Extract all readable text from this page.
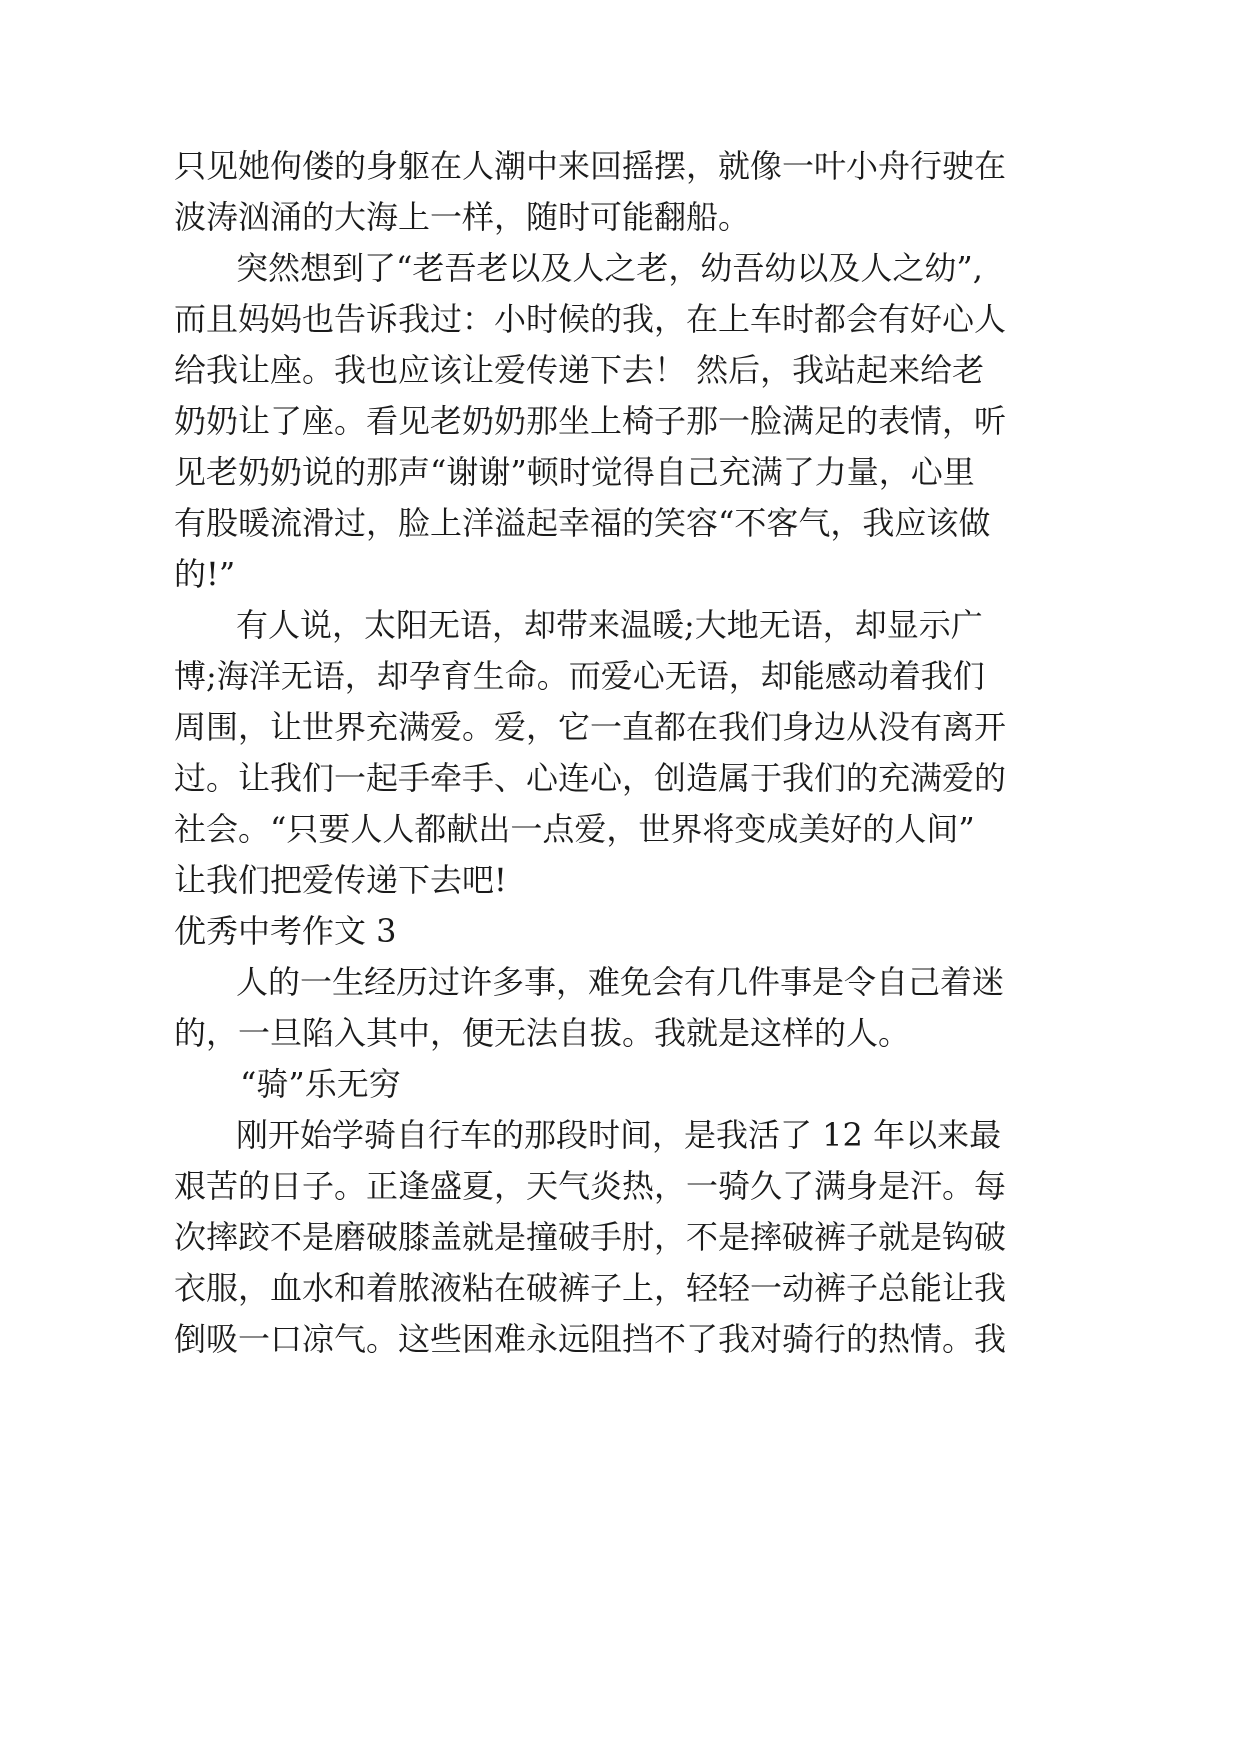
只见她佝偻的身躯在人潮中来回摇摆，就像一叶小舟行驶在
波涛汹涌的大海上一样，随时可能翻船。
突然想到了“老吾老以及人之老，幼吾幼以及人之幼”,
而且妈妈也告诉我过：小时候的我，在上车时都会有好心人
给我让座。我也应该让爱传递下去！ 然后，我站起来给老
奶奶让了座。看见老奶奶那坐上椅子那一脸满足的表情，听
见老奶奶说的那声“谢谢”顿时觉得自己充满了力量，心里
有股暖流滑过，脸上洋溢起幸福的笑容“不客气，我应该做
的!”
有人说，太阳无语，却带来温暖;大地无语，却显示广
博;海洋无语，却孕育生命。而爱心无语，却能感动着我们
周围，让世界充满爱。爱，它一直都在我们身边从没有离开
过。让我们一起手牵手、心连心，创造属于我们的充满爱的
社会。“只要人人都献出一点爱，世界将变成美好的人间”
让我们把爱传递下去吧!
优秀中考作文 3
人的一生经历过许多事，难免会有几件事是令自己着迷
的，一旦陷入其中，便无法自拔。我就是这样的人。
“骑”乐无穷
刚开始学骑自行车的那段时间，是我活了 12 年以来最
艰苦的日子。正逢盛夏，天气炎热，一骑久了满身是汗。每
次摔跤不是磨破膝盖就是撞破手肘，不是摔破裤子就是钩破
衣服，血水和着脓液粘在破裤子上，轻轻一动裤子总能让我
倒吸一口凉气。这些困难永远阻挡不了我对骑行的热情。我
